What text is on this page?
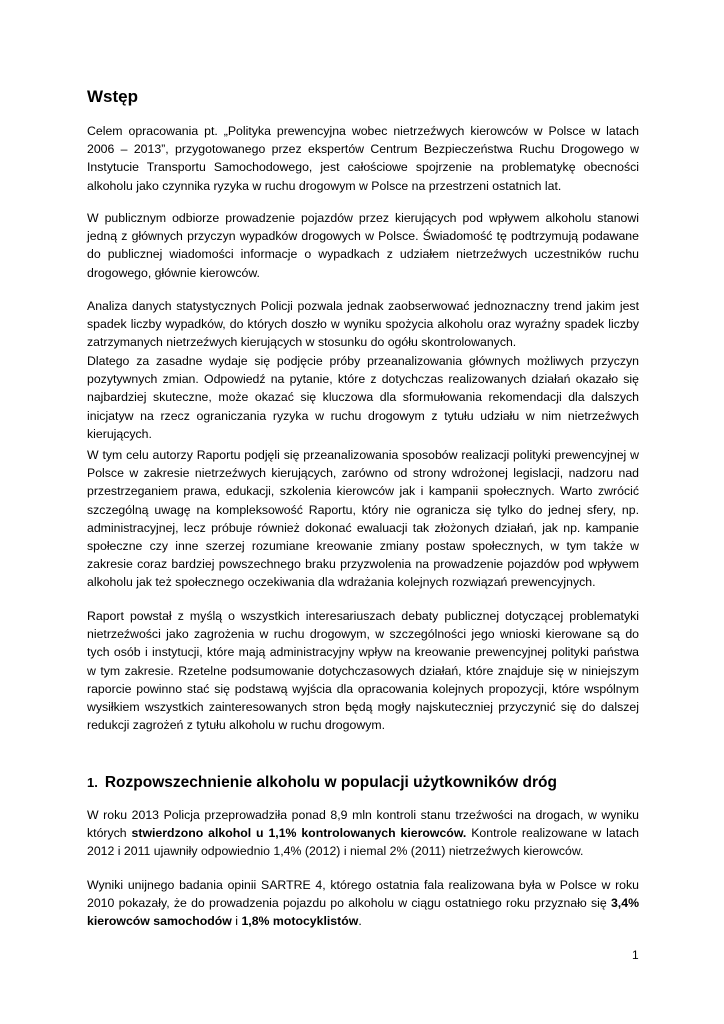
Wstęp

Celem opracowania pt. „Polityka prewencyjna wobec nietrzeźwych kierowców w Polsce w latach 2006 – 2013”, przygotowanego przez ekspertów Centrum Bezpieczeństwa Ruchu Drogowego w Instytucie Transportu Samochodowego, jest całościowe spojrzenie na problematykę obecności alkoholu jako czynnika ryzyka w ruchu drogowym w Polsce na przestrzeni ostatnich lat.

W publicznym odbiorze prowadzenie pojazdów przez kierujących pod wpływem alkoholu stanowi jedną z głównych przyczyn wypadków drogowych w Polsce. Świadomość tę podtrzymują podawane do publicznej wiadomości informacje o wypadkach z udziałem nietrzeźwych uczestników ruchu drogowego, głównie kierowców.

Analiza danych statystycznych Policji pozwala jednak zaobserwować jednoznaczny trend jakim jest spadek liczby wypadków, do których doszło w wyniku spożycia alkoholu oraz wyraźny spadek liczby zatrzymanych nietrzeźwych kierujących w stosunku do ogółu skontrolowanych.

Dlatego za zasadne wydaje się podjęcie próby przeanalizowania głównych możliwych przyczyn pozytywnych zmian. Odpowiedź na pytanie, które z dotychczas realizowanych działań okazało się najbardziej skuteczne, może okazać się kluczowa dla sformułowania rekomendacji dla dalszych inicjatyw na rzecz ograniczania ryzyka w ruchu drogowym z tytułu udziału w nim nietrzeźwych kierujących.

W tym celu autorzy Raportu podjęli się przeanalizowania sposobów realizacji polityki prewencyjnej w Polsce w zakresie nietrzeźwych kierujących, zarówno od strony wdrożonej legislacji, nadzoru nad przestrzeganiem prawa, edukacji, szkolenia kierowców jak i kampanii społecznych. Warto zwrócić szczególną uwagę na kompleksowość Raportu, który nie ogranicza się tylko do jednej sfery, np. administracyjnej, lecz próbuje również dokonać ewaluacji tak złożonych działań, jak np. kampanie społeczne czy inne szerzej rozumiane kreowanie zmiany postaw społecznych, w tym także w zakresie coraz bardziej powszechnego braku przyzwolenia na prowadzenie pojazdów pod wpływem alkoholu jak też społecznego oczekiwania dla wdrażania kolejnych rozwiązań prewencyjnych.

Raport powstał z myślą o wszystkich interesariuszach debaty publicznej dotyczącej problematyki nietrzeźwości jako zagrożenia w ruchu drogowym, w szczególności jego wnioski kierowane są do tych osób i instytucji, które mają administracyjny wpływ na kreowanie prewencyjnej polityki państwa w tym zakresie. Rzetelne podsumowanie dotychczasowych działań, które znajduje się w niniejszym raporcie powinno stać się podstawą wyjścia dla opracowania kolejnych propozycji, które wspólnym wysiłkiem wszystkich zainteresowanych stron będą mogły najskuteczniej przyczynić się do dalszej redukcji zagrożeń z tytułu alkoholu w ruchu drogowym.

1. Rozpowszechnienie alkoholu w populacji użytkowników dróg

W roku 2013 Policja przeprowadziła ponad 8,9 mln kontroli stanu trzeźwości na drogach, w wyniku których stwierdzono alkohol u 1,1% kontrolowanych kierowców. Kontrole realizowane w latach 2012 i 2011 ujawniły odpowiednio 1,4% (2012) i niemal 2% (2011) nietrzeźwych kierowców.

Wyniki unijnego badania opinii SARTRE 4, którego ostatnia fala realizowana była w Polsce w roku 2010 pokazały, że do prowadzenia pojazdu po alkoholu w ciągu ostatniego roku przyznało się 3,4% kierowców samochodów i 1,8% motocyklistów.

1
